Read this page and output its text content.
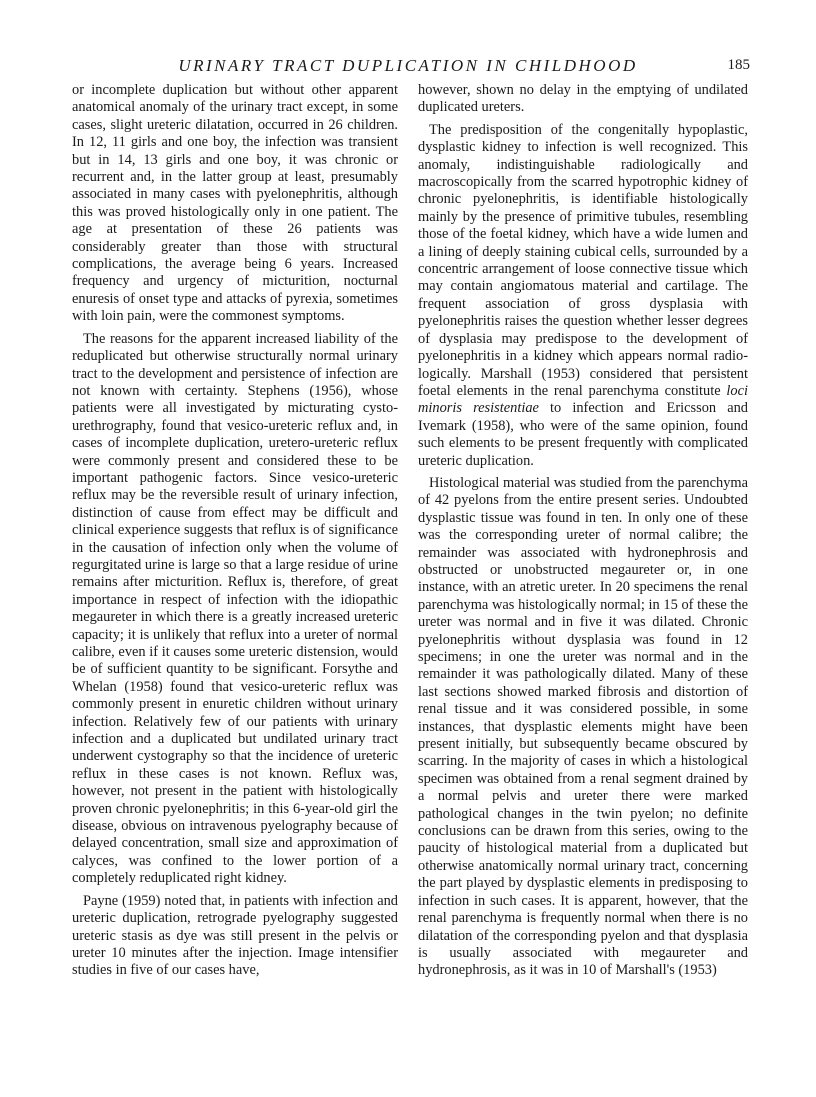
URINARY TRACT DUPLICATION IN CHILDHOOD	185

or incomplete duplication but without other apparent anatomical anomaly of the urinary tract except, in some cases, slight ureteric dilatation, occurred in 26 children. In 12, 11 girls and one boy, the infection was transient but in 14, 13 girls and one boy, it was chronic or recurrent and, in the latter group at least, presumably associated in many cases with pyelonephritis, although this was proved histologically only in one patient. The age at presentation of these 26 patients was considerably greater than those with structural complications, the average being 6 years. Increased frequency and urgency of micturition, nocturnal enuresis of onset type and attacks of pyrexia, sometimes with loin pain, were the commonest symptoms.

The reasons for the apparent increased liability of the reduplicated but otherwise structurally normal urinary tract to the development and persistence of infection are not known with certainty. Stephens (1956), whose patients were all investigated by micturating cysto-urethrography, found that vesico-ureteric reflux and, in cases of incomplete duplication, uretero-ureteric reflux were commonly present and considered these to be important pathogenic factors. Since vesico-ureteric reflux may be the reversible result of urinary infection, distinction of cause from effect may be difficult and clinical experience suggests that reflux is of significance in the causation of infection only when the volume of regurgitated urine is large so that a large residue of urine remains after micturition. Reflux is, therefore, of great importance in respect of infection with the idiopathic megaureter in which there is a greatly increased ureteric capacity; it is unlikely that reflux into a ureter of normal calibre, even if it causes some ureteric distension, would be of sufficient quantity to be significant. Forsythe and Whelan (1958) found that vesico-ureteric reflux was commonly present in enuretic children without urinary infection. Relatively few of our patients with urinary infection and a duplicated but undilated urinary tract underwent cystography so that the incidence of ureteric reflux in these cases is not known. Reflux was, however, not present in the patient with histologically proven chronic pyelonephritis; in this 6-year-old girl the disease, obvious on intravenous pyelography because of delayed concentration, small size and approximation of calyces, was confined to the lower portion of a completely reduplicated right kidney.

Payne (1959) noted that, in patients with infection and ureteric duplication, retrograde pyelography suggested ureteric stasis as dye was still present in the pelvis or ureter 10 minutes after the injection. Image intensifier studies in five of our cases have,

however, shown no delay in the emptying of undilated duplicated ureters.

The predisposition of the congenitally hypoplastic, dysplastic kidney to infection is well recognized. This anomaly, indistinguishable radiologically and macroscopically from the scarred hypotrophic kidney of chronic pyelonephritis, is identifiable histologically mainly by the presence of primitive tubules, resembling those of the foetal kidney, which have a wide lumen and a lining of deeply staining cubical cells, surrounded by a concentric arrangement of loose connective tissue which may contain angiomatous material and cartilage. The frequent association of gross dysplasia with pyelonephritis raises the question whether lesser degrees of dysplasia may predispose to the development of pyelonephritis in a kidney which appears normal radiologically. Marshall (1953) considered that persistent foetal elements in the renal parenchyma constitute loci minoris resistentiae to infection and Ericsson and Ivemark (1958), who were of the same opinion, found such elements to be present frequently with complicated ureteric duplication.

Histological material was studied from the parenchyma of 42 pyelons from the entire present series. Undoubted dysplastic tissue was found in ten. In only one of these was the corresponding ureter of normal calibre; the remainder was associated with hydronephrosis and obstructed or unobstructed megaureter or, in one instance, with an atretic ureter. In 20 specimens the renal parenchyma was histologically normal; in 15 of these the ureter was normal and in five it was dilated. Chronic pyelonephritis without dysplasia was found in 12 specimens; in one the ureter was normal and in the remainder it was pathologically dilated. Many of these last sections showed marked fibrosis and distortion of renal tissue and it was considered possible, in some instances, that dysplastic elements might have been present initially, but subsequently became obscured by scarring. In the majority of cases in which a histological specimen was obtained from a renal segment drained by a normal pelvis and ureter there were marked pathological changes in the twin pyelon; no definite conclusions can be drawn from this series, owing to the paucity of histological material from a duplicated but otherwise anatomically normal urinary tract, concerning the part played by dysplastic elements in predisposing to infection in such cases. It is apparent, however, that the renal parenchyma is frequently normal when there is no dilatation of the corresponding pyelon and that dysplasia is usually associated with megaureter and hydronephrosis, as it was in 10 of Marshall's (1953)
